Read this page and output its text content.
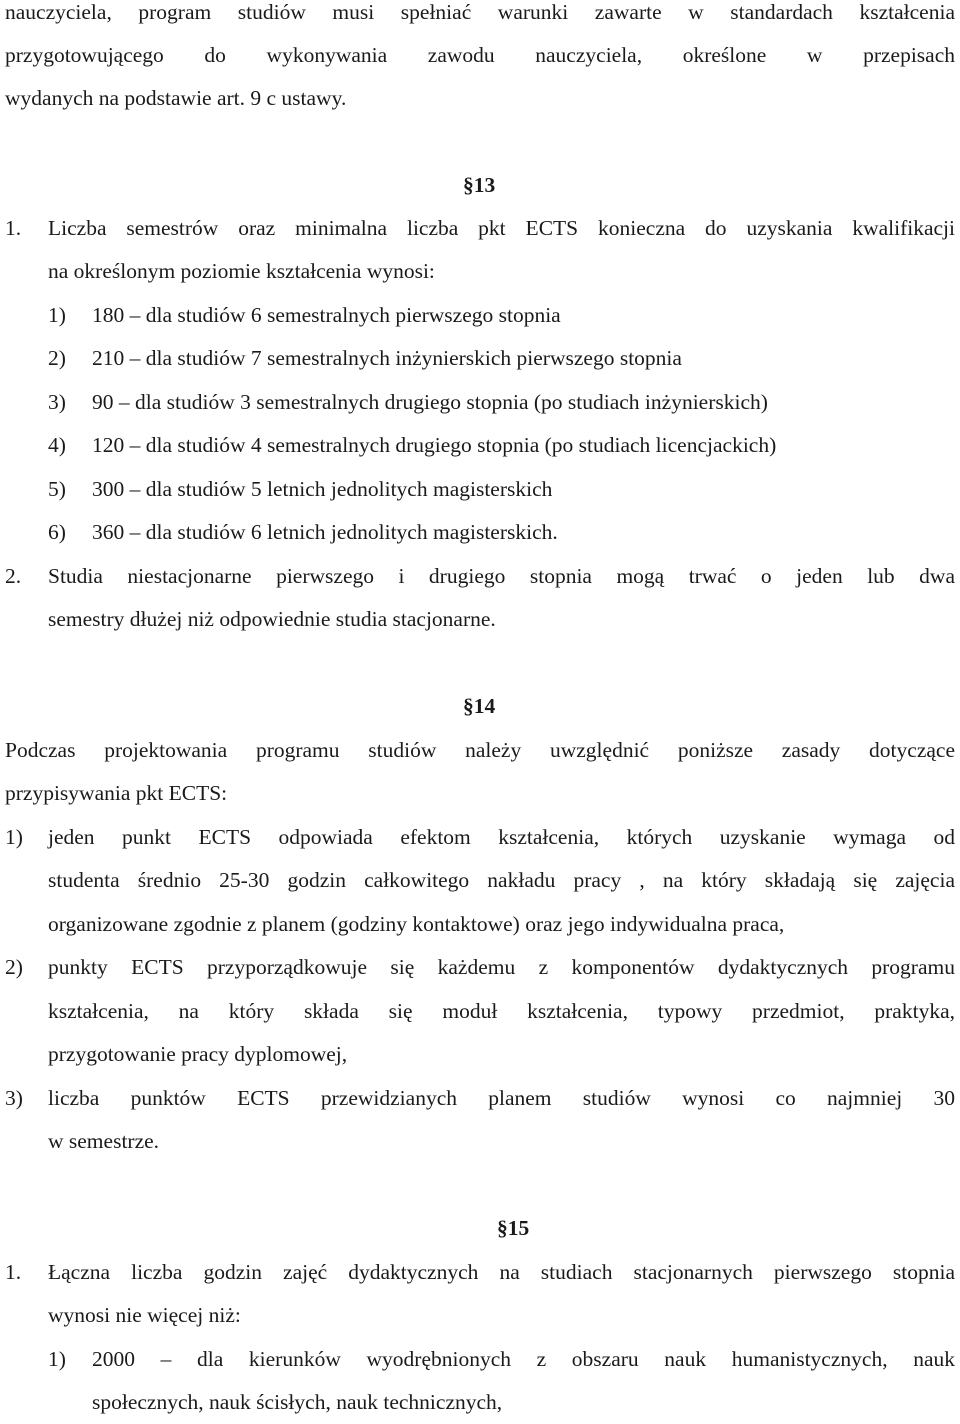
nauczyciela, program studiów musi spełniać warunki zawarte w standardach kształcenia
przygotowującego do wykonywania zawodu nauczyciela, określone w przepisach
wydanych na podstawie art. 9 c ustawy.
§13
1. Liczba semestrów oraz minimalna liczba pkt ECTS konieczna do uzyskania kwalifikacji
na określonym poziomie kształcenia wynosi:
1) 180 – dla studiów 6 semestralnych pierwszego stopnia
2) 210 – dla studiów 7 semestralnych inżynierskich pierwszego stopnia
3) 90 – dla studiów 3 semestralnych drugiego stopnia (po studiach inżynierskich)
4) 120 – dla studiów 4 semestralnych drugiego stopnia (po studiach licencjackich)
5) 300 – dla studiów 5 letnich jednolitych magisterskich
6) 360 – dla studiów 6 letnich jednolitych magisterskich.
2. Studia niestacjonarne pierwszego i drugiego stopnia mogą trwać o jeden lub dwa
semestry dłużej niż odpowiednie studia stacjonarne.
§14
Podczas projektowania programu studiów należy uwzględnić poniższe zasady dotyczące
przypisywania pkt ECTS:
1) jeden punkt ECTS odpowiada efektom kształcenia, których uzyskanie wymaga od
studenta średnio 25-30 godzin całkowitego nakładu pracy , na który składają się zajęcia
organizowane zgodnie z planem (godziny kontaktowe) oraz jego indywidualna praca,
2) punkty ECTS przyporządkowuje się każdemu z komponentów dydaktycznych programu
kształcenia, na który składa się moduł kształcenia, typowy przedmiot, praktyka,
przygotowanie pracy dyplomowej,
3) liczba punktów ECTS przewidzianych planem studiów wynosi co najmniej 30
w semestrze.
§15
1. Łączna liczba godzin zajęć dydaktycznych na studiach stacjonarnych pierwszego stopnia
wynosi nie więcej niż:
1) 2000 – dla kierunków wyodrębnionych z obszaru nauk humanistycznych, nauk
społecznych, nauk ścisłych, nauk technicznych,
